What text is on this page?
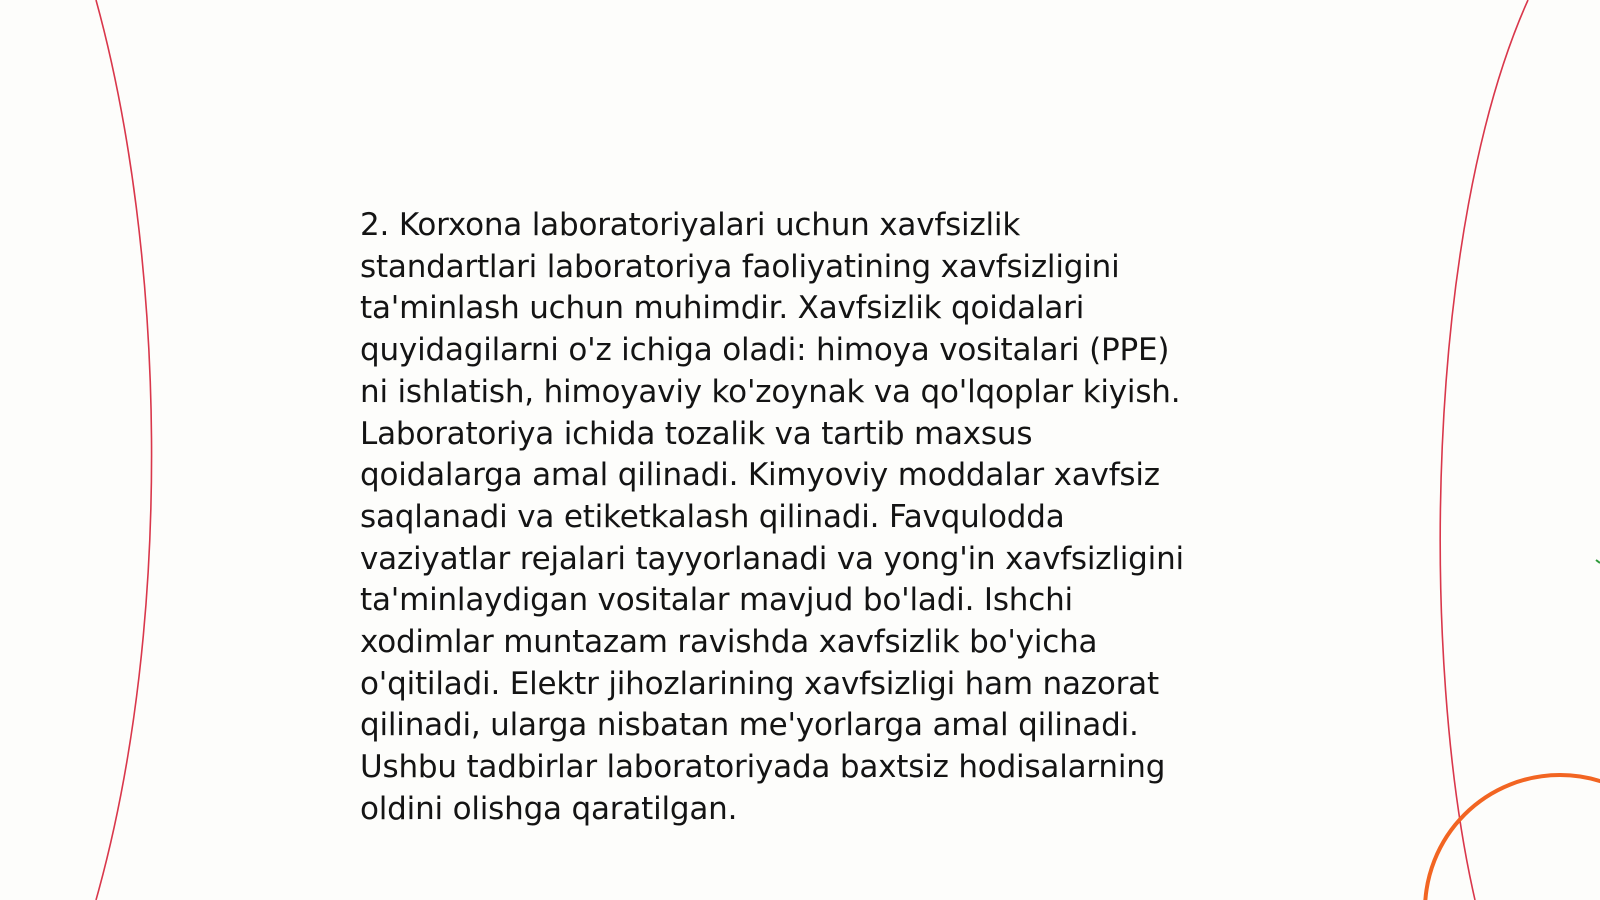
2. Korxona laboratoriyalari uchun xavfsizlik
standartlari laboratoriya faoliyatining xavfsizligini
ta'minlash uchun muhimdir. Xavfsizlik qoidalari
quyidagilarni o'z ichiga oladi: himoya vositalari (PPE)
ni ishlatish, himoyaviy ko'zoynak va qo'lqoplar kiyish.
Laboratoriya ichida tozalik va tartib maxsus
qoidalarga amal qilinadi. Kimyoviy moddalar xavfsiz
saqlanadi va etiketkalash qilinadi. Favqulodda
vaziyatlar rejalari tayyorlanadi va yong'in xavfsizligini
ta'minlaydigan vositalar mavjud bo'ladi. Ishchi
xodimlar muntazam ravishda xavfsizlik bo'yicha
o'qitiladi. Elektr jihozlarining xavfsizligi ham nazorat
qilinadi, ularga nisbatan me'yorlarga amal qilinadi.
Ushbu tadbirlar laboratoriyada baxtsiz hodisalarning
oldini olishga qaratilgan.
